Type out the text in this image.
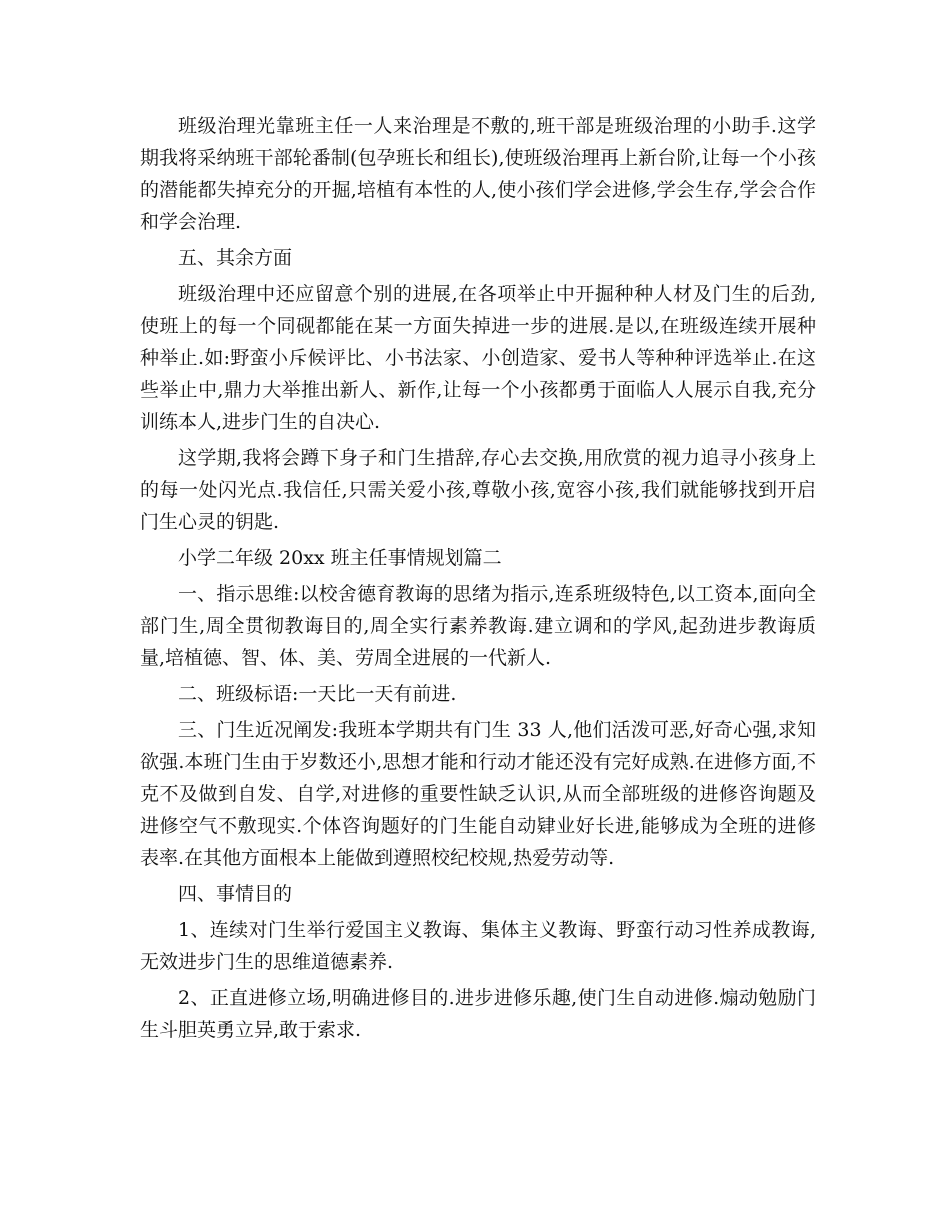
班级治理光靠班主任一人来治理是不敷的,班干部是班级治理的小助手.这学期我将采纳班干部轮番制(包孕班长和组长),使班级治理再上新台阶,让每一个小孩的潜能都失掉充分的开掘,培植有本性的人,使小孩们学会进修,学会生存,学会合作和学会治理.

五、其余方面

班级治理中还应留意个别的进展,在各项举止中开掘种种人材及门生的后劲,使班上的每一个同砚都能在某一方面失掉进一步的进展.是以,在班级连续开展种种举止.如:野蛮小斥候评比、小书法家、小创造家、爱书人等种种评选举止.在这些举止中,鼎力大举推出新人、新作,让每一个小孩都勇于面临人人展示自我,充分训练本人,进步门生的自决心.

这学期,我将会蹲下身子和门生措辞,存心去交换,用欣赏的视力追寻小孩身上的每一处闪光点.我信任,只需关爱小孩,尊敬小孩,宽容小孩,我们就能够找到开启门生心灵的钥匙.

小学二年级 20xx 班主任事情规划篇二

一、指示思维:以校舍德育教诲的思绪为指示,连系班级特色,以工资本,面向全部门生,周全贯彻教诲目的,周全实行素养教诲.建立调和的学风,起劲进步教诲质量,培植德、智、体、美、劳周全进展的一代新人.

二、班级标语:一天比一天有前进.

三、门生近况阐发:我班本学期共有门生 33 人,他们活泼可恶,好奇心强,求知欲强.本班门生由于岁数还小,思想才能和行动才能还没有完好成熟.在进修方面,不克不及做到自发、自学,对进修的重要性缺乏认识,从而全部班级的进修咨询题及进修空气不敷现实.个体咨询题好的门生能自动肄业好长进,能够成为全班的进修表率.在其他方面根本上能做到遵照校纪校规,热爱劳动等.

四、事情目的

1、连续对门生举行爱国主义教诲、集体主义教诲、野蛮行动习性养成教诲,无效进步门生的思维道德素养.

2、正直进修立场,明确进修目的.进步进修乐趣,使门生自动进修.煽动勉励门生斗胆英勇立异,敢于索求.
